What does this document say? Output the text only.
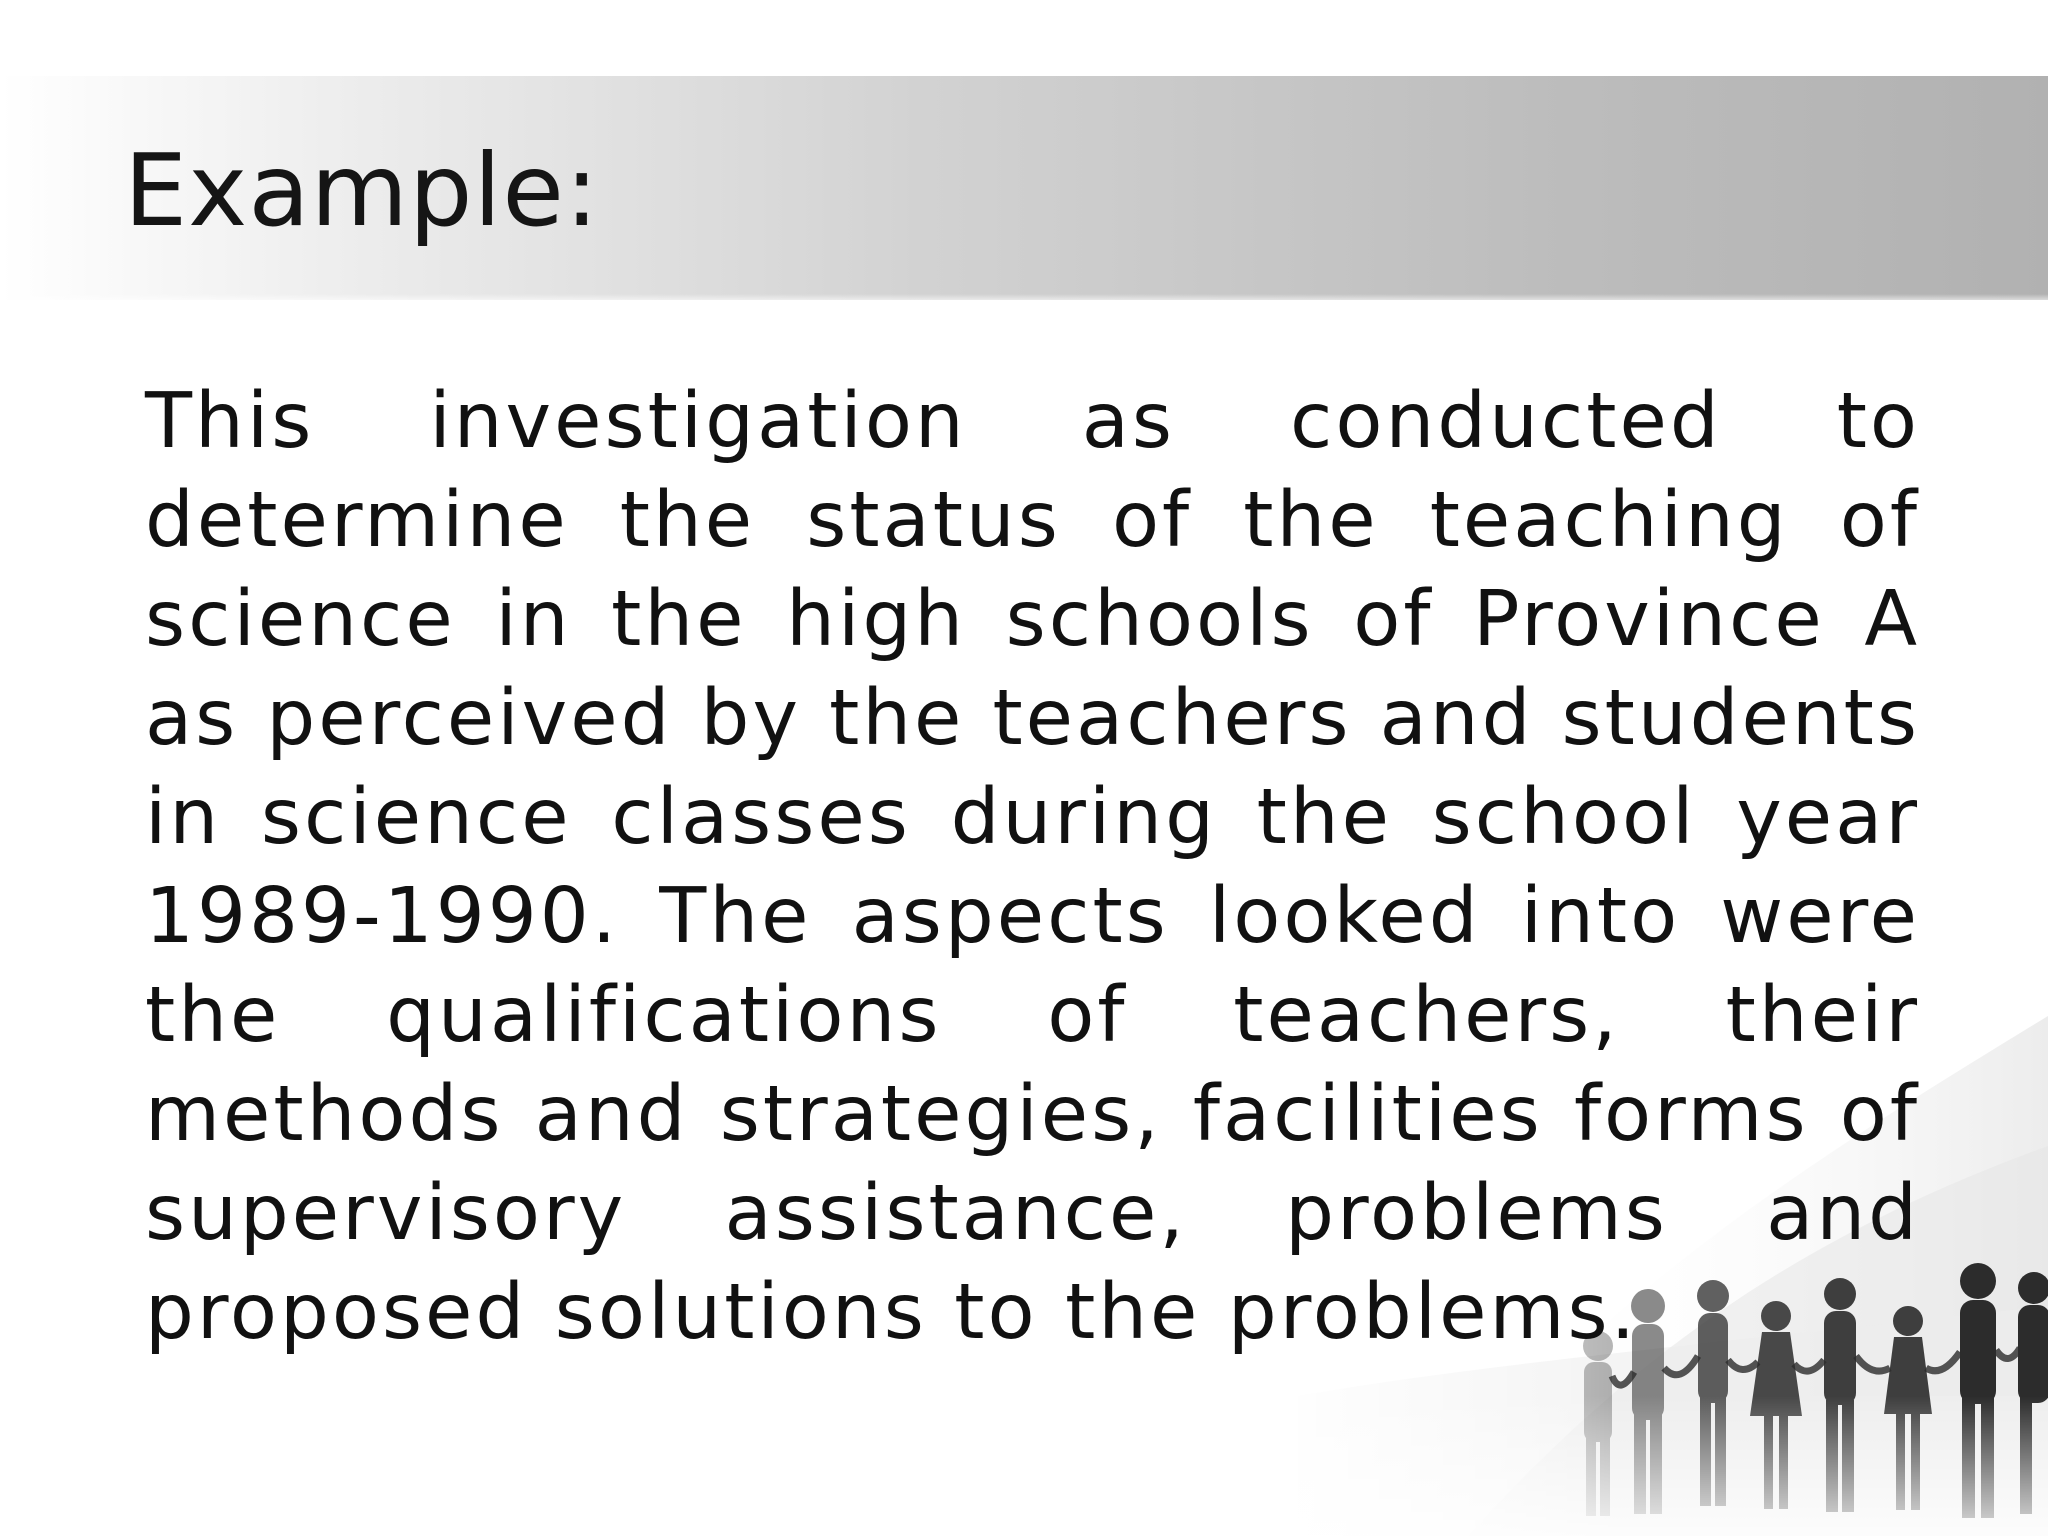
Example:

This investigation as conducted to determine the status of the teaching of science in the high schools of Province A as perceived by the teachers and students in science classes during the school year 1989-1990. The aspects looked into were the qualifications of teachers, their methods and strategies, facilities forms of supervisory assistance, problems and proposed solutions to the problems.
